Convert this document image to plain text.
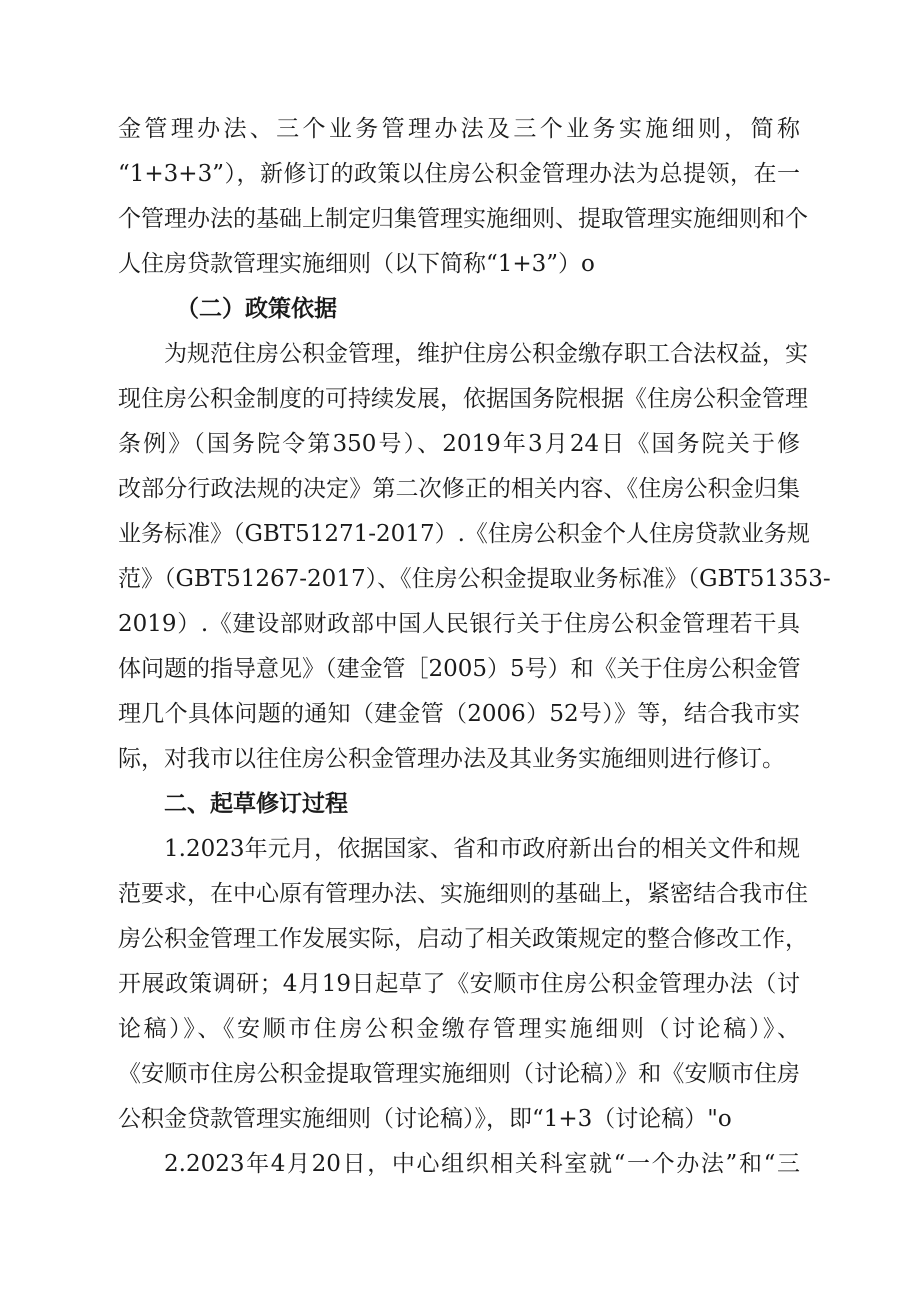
金管理办法、三个业务管理办法及三个业务实施细则，简称
“1+3+3”），新修订的政策以住房公积金管理办法为总提领，在一
个管理办法的基础上制定归集管理实施细则、提取管理实施细则和个
人住房贷款管理实施细则（以下简称“1+3”）o
（二）政策依据
为规范住房公积金管理，维护住房公积金缴存职工合法权益，实
现住房公积金制度的可持续发展，依据国务院根据《住房公积金管理
条例》（国务院令第350号）、2019年3月24日《国务院关于修
改部分行政法规的决定》第二次修正的相关内容、《住房公积金归集
业务标准》（GBT51271-2017）.《住房公积金个人住房贷款业务规
范》（GBT51267-2017）、《住房公积金提取业务标准》（GBT51353-
2019）.《建设部财政部中国人民银行关于住房公积金管理若干具
体问题的指导意见》（建金管［2005）5号）和《关于住房公积金管
理几个具体问题的通知（建金管（2006）52号）》等，结合我市实
际，对我市以往住房公积金管理办法及其业务实施细则进行修订。
二、起草修订过程
1.2023年元月，依据国家、省和市政府新出台的相关文件和规
范要求，在中心原有管理办法、实施细则的基础上，紧密结合我市住
房公积金管理工作发展实际，启动了相关政策规定的整合修改工作，
开展政策调研；4月19日起草了《安顺市住房公积金管理办法（讨
论稿）》、《安顺市住房公积金缴存管理实施细则（讨论稿）》、
《安顺市住房公积金提取管理实施细则（讨论稿）》和《安顺市住房
公积金贷款管理实施细则（讨论稿）》，即“1+3（讨论稿）"o
2.2023年4月20日，中心组织相关科室就“一个办法”和“三
